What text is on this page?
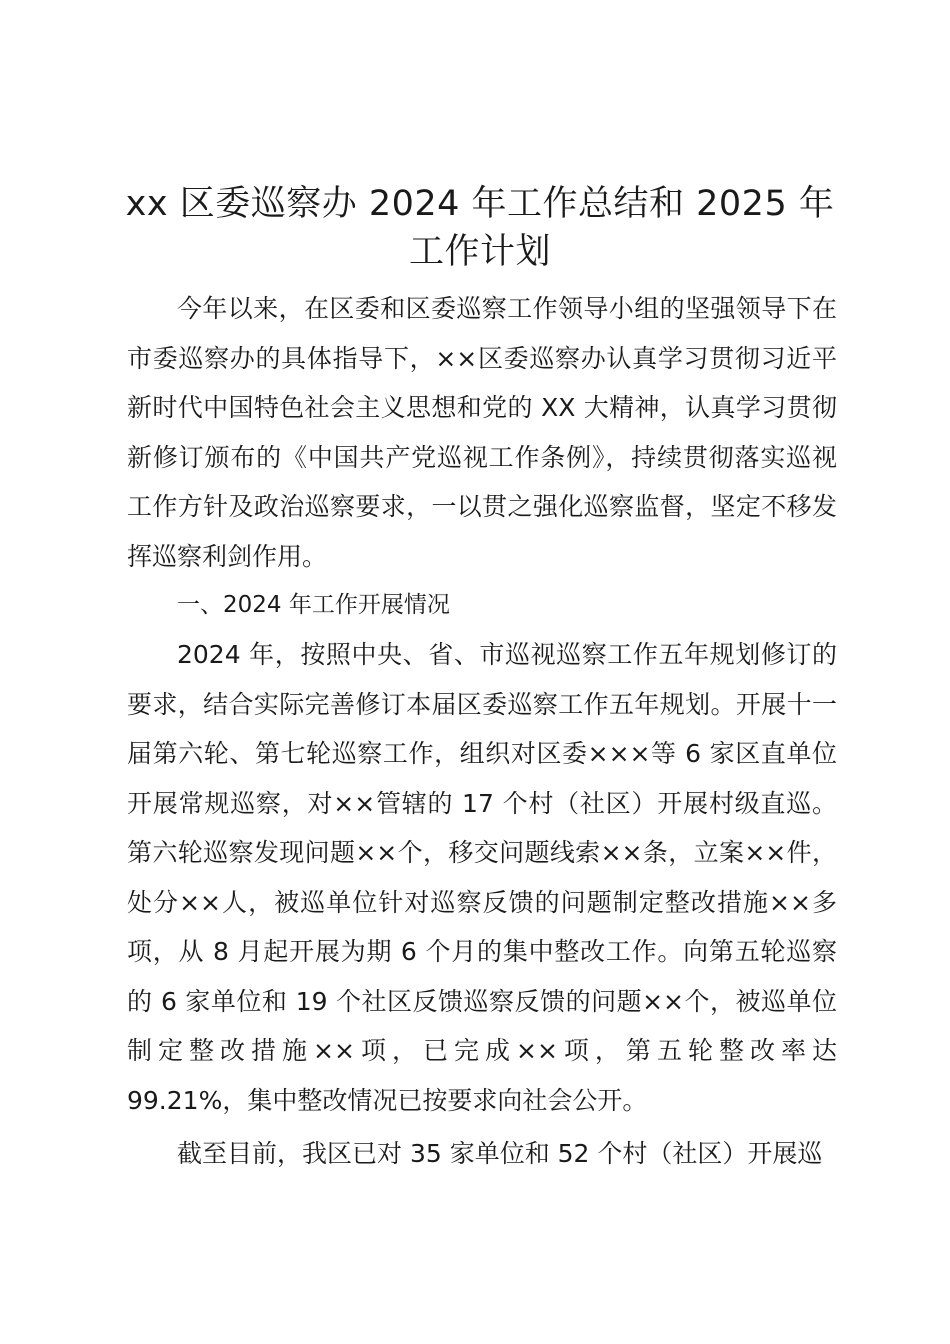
xx 区委巡察办 2024 年工作总结和 2025 年
工作计划

今年以来，在区委和区委巡察工作领导小组的坚强领导下在市委巡察办的具体指导下，××区委巡察办认真学习贯彻习近平新时代中国特色社会主义思想和党的 XX 大精神，认真学习贯彻新修订颁布的《中国共产党巡视工作条例》，持续贯彻落实巡视工作方针及政治巡察要求，一以贯之强化巡察监督，坚定不移发挥巡察利剑作用。

一、2024 年工作开展情况

2024 年，按照中央、省、市巡视巡察工作五年规划修订的要求，结合实际完善修订本届区委巡察工作五年规划。开展十一届第六轮、第七轮巡察工作，组织对区委×××等 6 家区直单位开展常规巡察，对××管辖的 17 个村（社区）开展村级直巡。第六轮巡察发现问题××个，移交问题线索××条，立案××件，处分××人，被巡单位针对巡察反馈的问题制定整改措施××多项，从 8 月起开展为期 6 个月的集中整改工作。向第五轮巡察的 6 家单位和 19 个社区反馈巡察反馈的问题××个，被巡单位制定整改措施××项，已完成××项，第五轮整改率达 99.21%，集中整改情况已按要求向社会公开。

截至目前，我区已对 35 家单位和 52 个村（社区）开展巡
